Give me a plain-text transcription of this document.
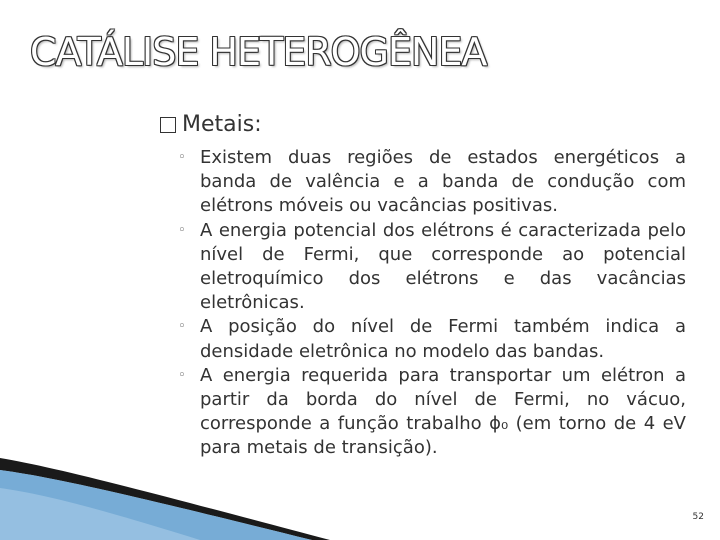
CATÁLISE HETEROGÊNEA
Metais:
◦ Existem duas regiões de estados energéticos a banda de valência e a banda de condução com elétrons móveis ou vacâncias positivas.
◦ A energia potencial dos elétrons é caracterizada pelo nível de Fermi, que corresponde ao potencial eletroquímico dos elétrons e das vacâncias eletrônicas.
◦ A posição do nível de Fermi também indica a densidade eletrônica no modelo das bandas.
◦ A energia requerida para transportar um elétron a partir da borda do nível de Fermi, no vácuo, corresponde a função trabalho ϕ₀ (em torno de 4 eV para metais de transição).
52
